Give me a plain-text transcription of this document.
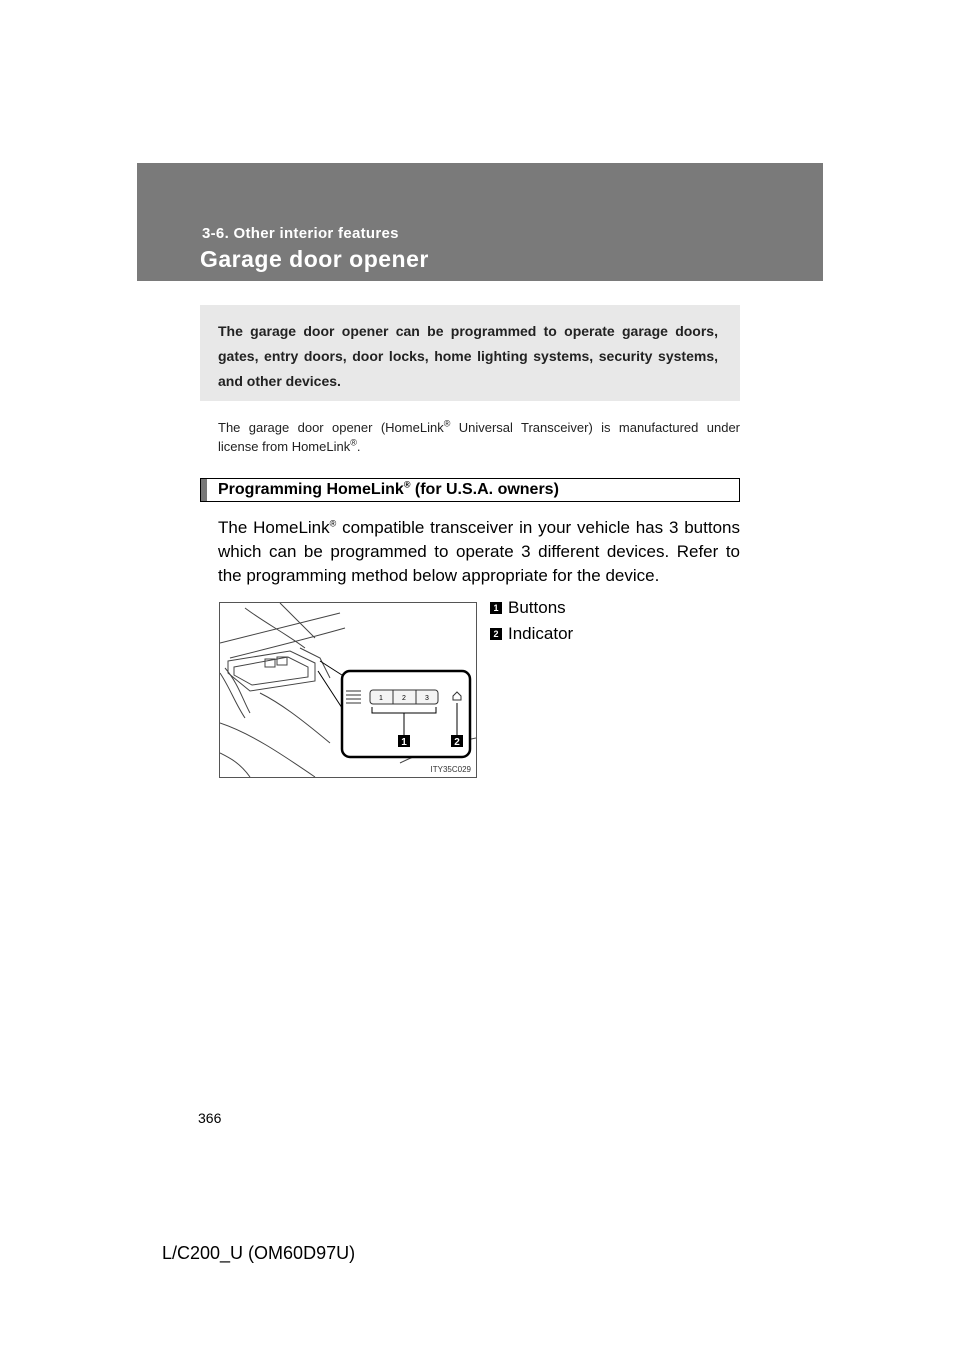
3-6. Other interior features
Garage door opener
The garage door opener can be programmed to operate garage doors, gates, entry doors, door locks, home lighting systems, security systems, and other devices.
The garage door opener (HomeLink® Universal Transceiver) is manufactured under license from HomeLink®.
Programming HomeLink® (for U.S.A. owners)
The HomeLink® compatible transceiver in your vehicle has 3 buttons which can be programmed to operate 3 different devices. Refer to the programming method below appropriate for the device.
1	2	3
1	2
ITY35C029
1 Buttons
2 Indicator
366
L/C200_U (OM60D97U)
